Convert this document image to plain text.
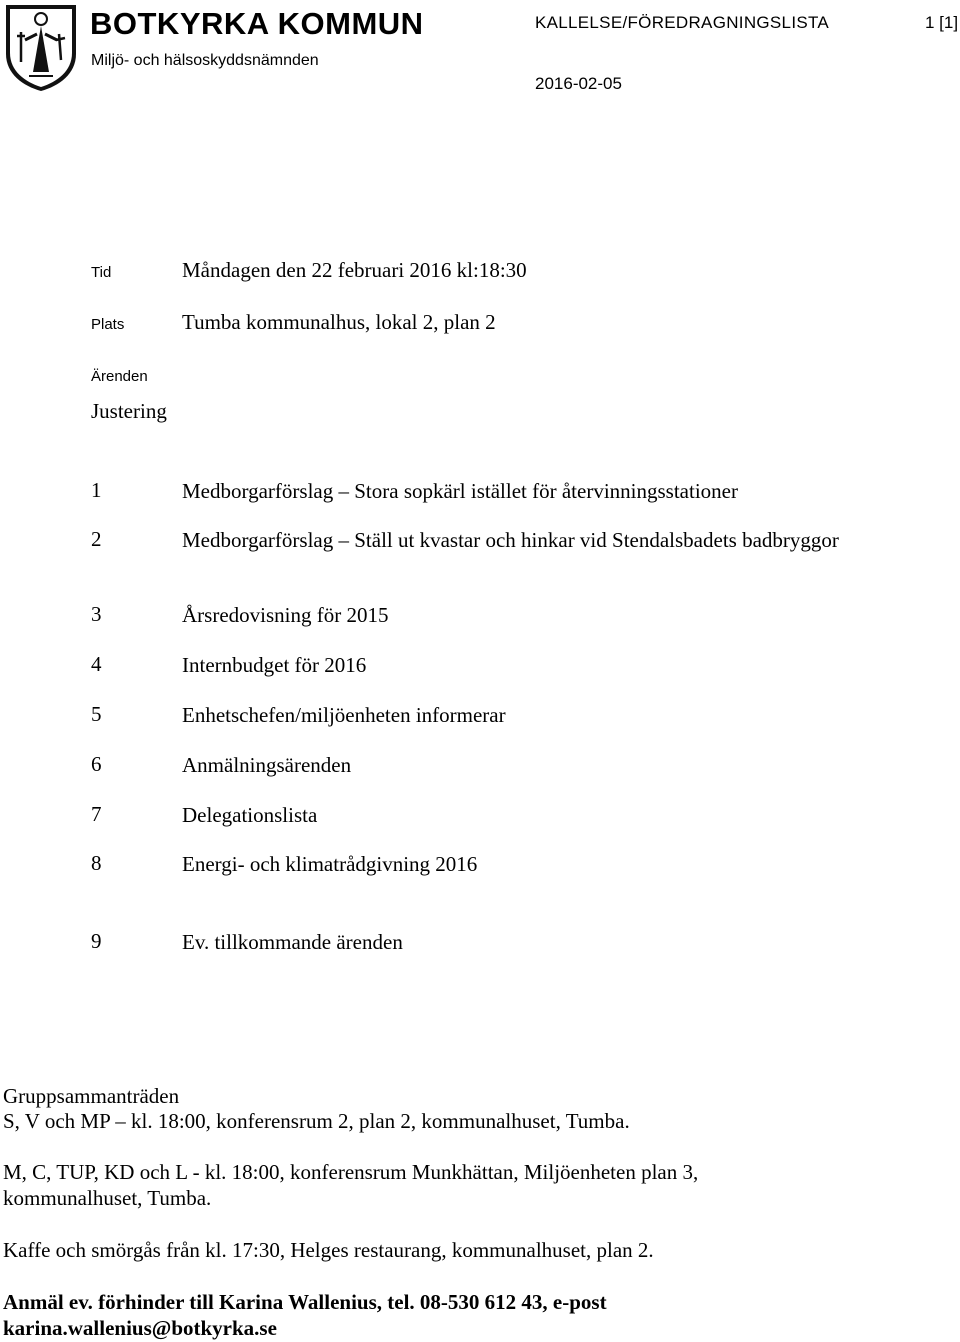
BOTKYRKA KOMMUN
Miljö- och hälsoskyddsnämnden
KALLELSE/FÖREDRAGNINGSLISTA	1 [1]
2016-02-05
Tid	Måndagen den 22 februari 2016 kl:18:30
Plats	Tumba kommunalhus, lokal 2, plan 2
Ärenden
Justering
1	Medborgarförslag – Stora sopkärl istället för återvinningsstationer
2	Medborgarförslag – Ställ ut kvastar och hinkar vid Stendalsbadets badbryggor
3	Årsredovisning för 2015
4	Internbudget för 2016
5	Enhetschefen/miljöenheten informerar
6	Anmälningsärenden
7	Delegationslista
8	Energi- och klimatrådgivning 2016
9	Ev. tillkommande ärenden
Gruppsammanträden
S, V och MP – kl. 18:00, konferensrum 2, plan 2, kommunalhuset, Tumba.
M, C, TUP, KD och L - kl. 18:00, konferensrum Munkhättan, Miljöenheten plan 3, kommunalhuset, Tumba.
Kaffe och smörgås från kl. 17:30, Helges restaurang, kommunalhuset, plan 2.
Anmäl ev. förhinder till Karina Wallenius, tel. 08-530 612 43, e-post karina.wallenius@botkyrka.se
